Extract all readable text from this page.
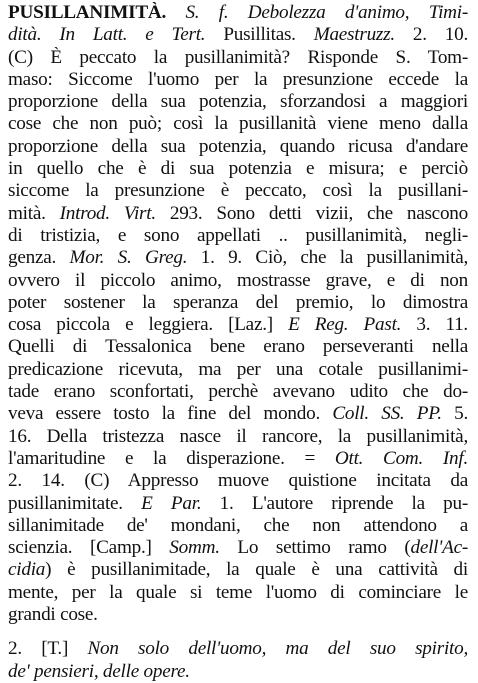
PUSILLANIMITÀ. S. f. Debolezza d'animo, Timi-
dità. In Latt. e Tert. Pusillitas. Maestruzz. 2. 10.
(C) È peccato la pusillanimità? Risponde S. Tom-
maso: Siccome l'uomo per la presunzione eccede la
proporzione della sua potenzia, sforzandosi a maggiori
cose che non può; così la pusillanità viene meno dalla
proporzione della sua potenzia, quando ricusa d'andare
in quello che è di sua potenzia e misura; e perciò
siccome la presunzione è peccato, così la pusillani-
mità. Introd. Virt. 293. Sono detti vizii, che nascono
di tristizia, e sono appellati .. pusillanimità, negli-
genza. Mor. S. Greg. 1. 9. Ciò, che la pusillanimità,
ovvero il piccolo animo, mostrasse grave, e di non
poter sostener la speranza del premio, lo dimostra
cosa piccola e leggiera. [Laz.] E Reg. Past. 3. 11.
Quelli di Tessalonica bene erano perseveranti nella
predicazione ricevuta, ma per una cotale pusillanimi-
tade erano sconfortati, perchè avevano udito che do-
veva essere tosto la fine del mondo. Coll. SS. PP. 5.
16. Della tristezza nasce il rancore, la pusillanimità,
l'amaritudine e la disperazione. = Ott. Com. Inf.
2. 14. (C) Appresso muove quistione incitata da
pusillanimitate. E Par. 1. L'autore riprende la pu-
sillanimitade de' mondani, che non attendono a
scienzia. [Camp.] Somm. Lo settimo ramo (dell'Ac-
cidia) è pusillanimitade, la quale è una cattività di
mente, per la quale si teme l'uomo di cominciare le
grandi cose.
2. [T.] Non solo dell'uomo, ma del suo spirito,
de' pensieri, delle opere.
